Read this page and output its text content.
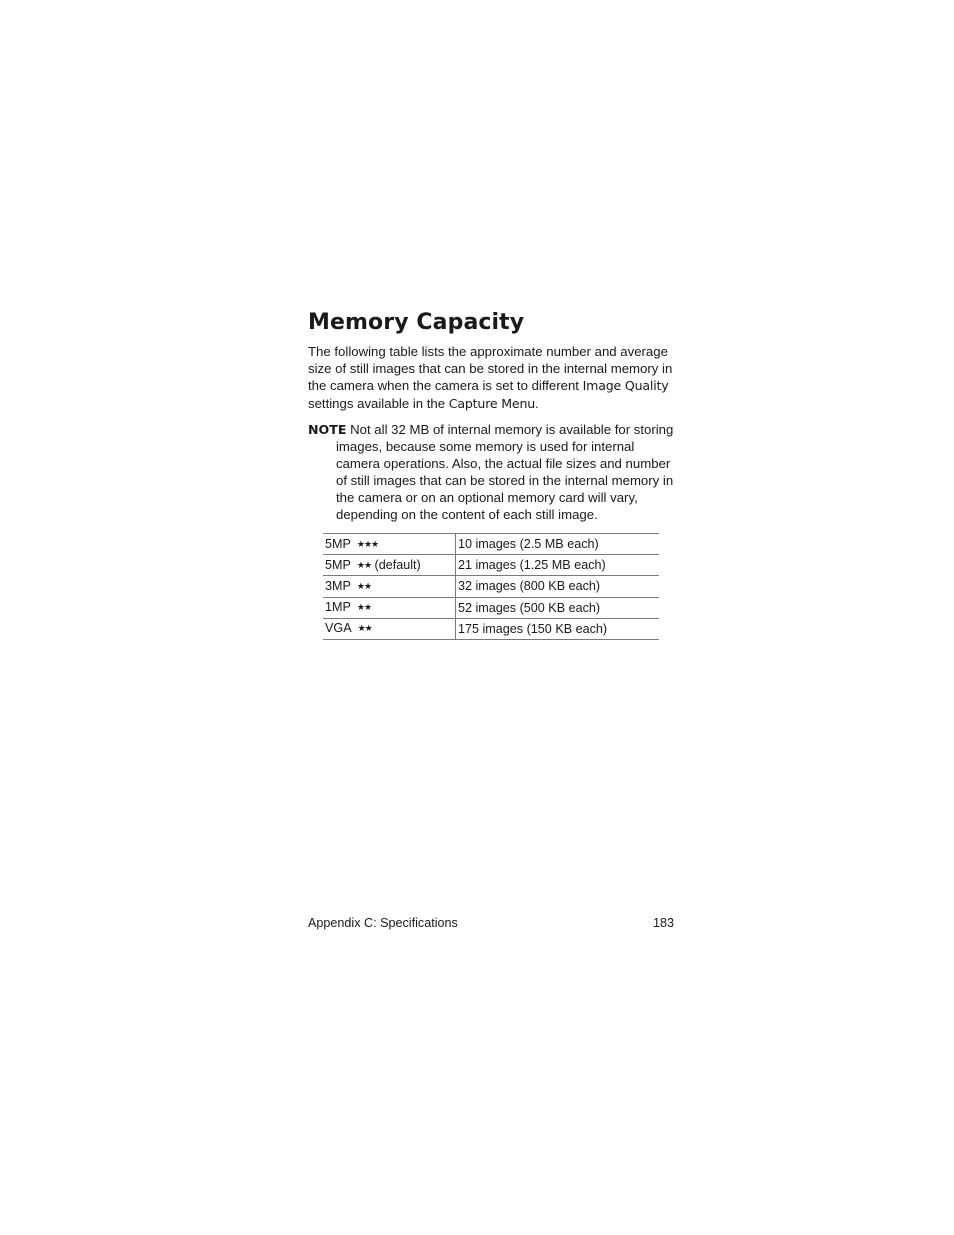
Memory Capacity

The following table lists the approximate number and average size of still images that can be stored in the internal memory in the camera when the camera is set to different Image Quality settings available in the Capture Menu.

NOTE Not all 32 MB of internal memory is available for storing images, because some memory is used for internal camera operations. Also, the actual file sizes and number of still images that can be stored in the internal memory in the camera or on an optional memory card will vary, depending on the content of each still image.

5MP ★★★	10 images (2.5 MB each)
5MP ★★ (default)	21 images (1.25 MB each)
3MP ★★	32 images (800 KB each)
1MP ★★	52 images (500 KB each)
VGA ★★	175 images (150 KB each)
Appendix C: Specifications	183
